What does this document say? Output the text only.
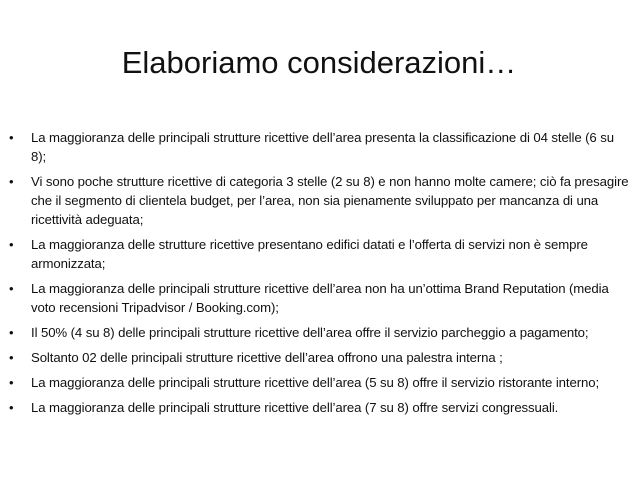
Elaboriamo considerazioni…
• La maggioranza delle principali strutture ricettive dell’area presenta la classificazione di 04 stelle (6 su 8);
• Vi sono poche strutture ricettive di categoria 3 stelle (2 su 8) e non hanno molte camere; ciò fa presagire che il segmento di clientela budget, per l’area, non sia pienamente sviluppato per mancanza di una ricettività adeguata;
• La maggioranza delle strutture ricettive presentano edifici datati e l’offerta di servizi non è sempre armonizzata;
• La maggioranza delle principali strutture ricettive dell’area non ha un’ottima Brand Reputation (media voto recensioni Tripadvisor / Booking.com);
• Il 50% (4 su 8) delle principali strutture ricettive dell’area offre il servizio parcheggio a pagamento;
• Soltanto 02 delle principali strutture ricettive dell’area offrono una palestra interna ;
• La maggioranza delle principali strutture ricettive dell’area (5 su 8) offre il servizio ristorante interno;
• La maggioranza delle principali strutture ricettive dell’area (7 su 8) offre servizi congressuali.
